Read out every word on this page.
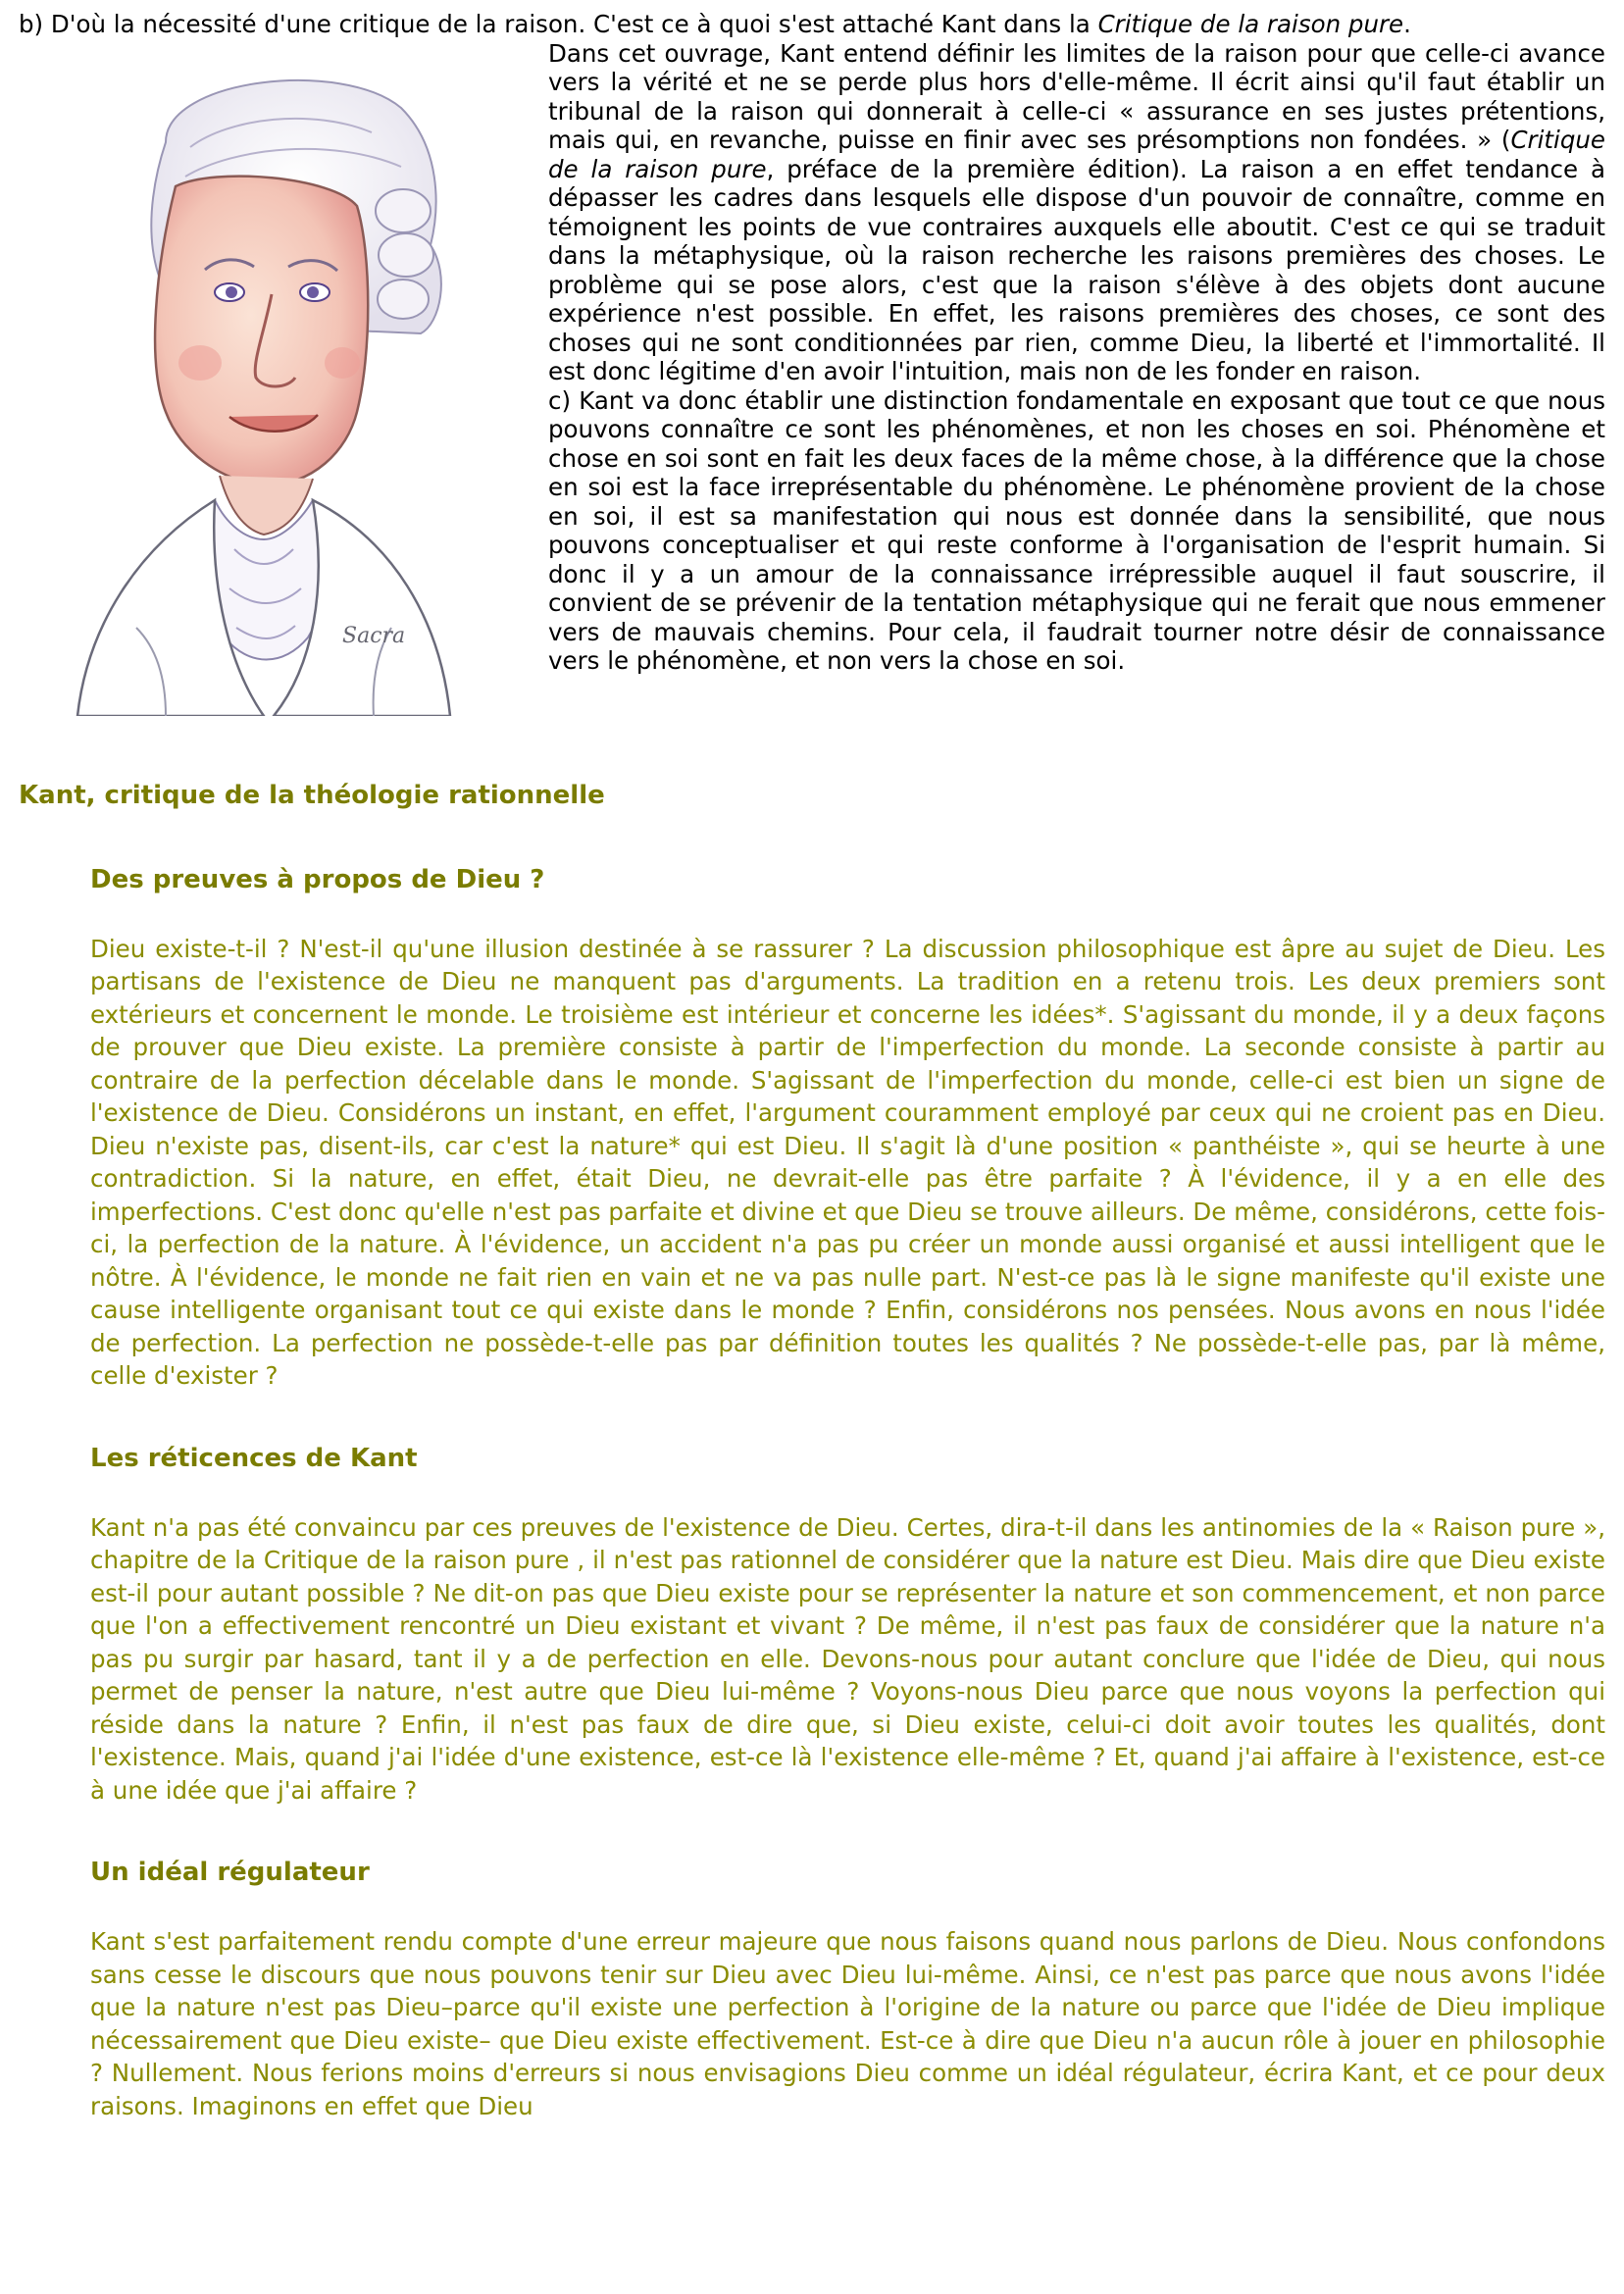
b) D'où la nécessité d'une critique de la raison. C'est ce à quoi s'est attaché Kant dans la Critique de la raison pure.

Sacra

Dans cet ouvrage, Kant entend définir les limites de la raison pour que celle-ci avance vers la vérité et ne se perde plus hors d'elle-même. Il écrit ainsi qu'il faut établir un tribunal de la raison qui donnerait à celle-ci « assurance en ses justes prétentions, mais qui, en revanche, puisse en finir avec ses présomptions non fondées. » (Critique de la raison pure, préface de la première édition). La raison a en effet tendance à dépasser les cadres dans lesquels elle dispose d'un pouvoir de connaître, comme en témoignent les points de vue contraires auxquels elle aboutit. C'est ce qui se traduit dans la métaphysique, où la raison recherche les raisons premières des choses. Le problème qui se pose alors, c'est que la raison s'élève à des objets dont aucune expérience n'est possible. En effet, les raisons premières des choses, ce sont des choses qui ne sont conditionnées par rien, comme Dieu, la liberté et l'immortalité. Il est donc légitime d'en avoir l'intuition, mais non de les fonder en raison.

c) Kant va donc établir une distinction fondamentale en exposant que tout ce que nous pouvons connaître ce sont les phénomènes, et non les choses en soi. Phénomène et chose en soi sont en fait les deux faces de la même chose, à la différence que la chose en soi est la face irreprésentable du phénomène. Le phénomène provient de la chose en soi, il est sa manifestation qui nous est donnée dans la sensibilité, que nous pouvons conceptualiser et qui reste conforme à l'organisation de l'esprit humain. Si donc il y a un amour de la connaissance irrépressible auquel il faut souscrire, il convient de se prévenir de la tentation métaphysique qui ne ferait que nous emmener vers de mauvais chemins. Pour cela, il faudrait tourner notre désir de connaissance vers le phénomène, et non vers la chose en soi.

Kant, critique de la théologie rationnelle
Des preuves à propos de Dieu ?

Dieu existe-t-il ? N'est-il qu'une illusion destinée à se rassurer ? La discussion philosophique est âpre au sujet de Dieu. Les partisans de l'existence de Dieu ne manquent pas d'arguments. La tradition en a retenu trois. Les deux premiers sont extérieurs et concernent le monde. Le troisième est intérieur et concerne les idées*. S'agissant du monde, il y a deux façons de prouver que Dieu existe. La première consiste à partir de l'imperfection du monde. La seconde consiste à partir au contraire de la perfection décelable dans le monde. S'agissant de l'imperfection du monde, celle-ci est bien un signe de l'existence de Dieu. Considérons un instant, en effet, l'argument couramment employé par ceux qui ne croient pas en Dieu. Dieu n'existe pas, disent-ils, car c'est la nature* qui est Dieu. Il s'agit là d'une position « panthéiste », qui se heurte à une contradiction. Si la nature, en effet, était Dieu, ne devrait-elle pas être parfaite ? À l'évidence, il y a en elle des imperfections. C'est donc qu'elle n'est pas parfaite et divine et que Dieu se trouve ailleurs. De même, considérons, cette fois-ci, la perfection de la nature. À l'évidence, un accident n'a pas pu créer un monde aussi organisé et aussi intelligent que le nôtre. À l'évidence, le monde ne fait rien en vain et ne va pas nulle part. N'est-ce pas là le signe manifeste qu'il existe une cause intelligente organisant tout ce qui existe dans le monde ? Enfin, considérons nos pensées. Nous avons en nous l'idée de perfection. La perfection ne possède-t-elle pas par définition toutes les qualités ? Ne possède-t-elle pas, par là même, celle d'exister ?

Les réticences de Kant

Kant n'a pas été convaincu par ces preuves de l'existence de Dieu. Certes, dira-t-il dans les antinomies de la « Raison pure », chapitre de la Critique de la raison pure , il n'est pas rationnel de considérer que la nature est Dieu. Mais dire que Dieu existe est-il pour autant possible ? Ne dit-on pas que Dieu existe pour se représenter la nature et son commencement, et non parce que l'on a effectivement rencontré un Dieu existant et vivant ? De même, il n'est pas faux de considérer que la nature n'a pas pu surgir par hasard, tant il y a de perfection en elle. Devons-nous pour autant conclure que l'idée de Dieu, qui nous permet de penser la nature, n'est autre que Dieu lui-même ? Voyons-nous Dieu parce que nous voyons la perfection qui réside dans la nature ? Enfin, il n'est pas faux de dire que, si Dieu existe, celui-ci doit avoir toutes les qualités, dont l'existence. Mais, quand j'ai l'idée d'une existence, est-ce là l'existence elle-même ? Et, quand j'ai affaire à l'existence, est-ce à une idée que j'ai affaire ?

Un idéal régulateur

Kant s'est parfaitement rendu compte d'une erreur majeure que nous faisons quand nous parlons de Dieu. Nous confondons sans cesse le discours que nous pouvons tenir sur Dieu avec Dieu lui-même. Ainsi, ce n'est pas parce que nous avons l'idée que la nature n'est pas Dieu–parce qu'il existe une perfection à l'origine de la nature ou parce que l'idée de Dieu implique nécessairement que Dieu existe– que Dieu existe effectivement. Est-ce à dire que Dieu n'a aucun rôle à jouer en philosophie ? Nullement. Nous ferions moins d'erreurs si nous envisagions Dieu comme un idéal régulateur, écrira Kant, et ce pour deux raisons. Imaginons en effet que Dieu
